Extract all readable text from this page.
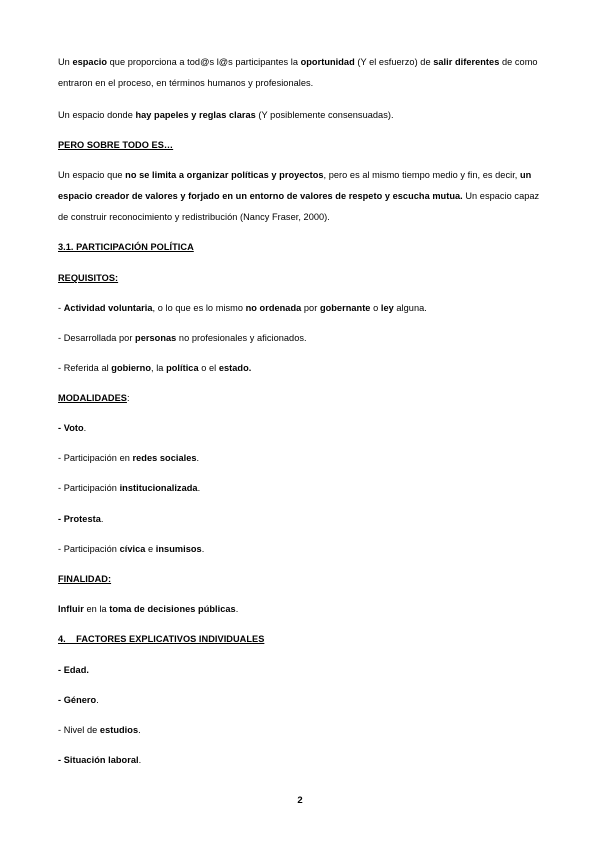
Un espacio que proporciona a tod@s l@s participantes la oportunidad (Y el esfuerzo) de salir diferentes de como entraron en el proceso, en términos humanos y profesionales.
Un espacio donde hay papeles y reglas claras (Y posiblemente consensuadas).
PERO SOBRE TODO ES…
Un espacio que no se limita a organizar políticas y proyectos, pero es al mismo tiempo medio y fin, es decir, un espacio creador de valores y forjado en un entorno de valores de respeto y escucha mutua. Un espacio capaz de construir reconocimiento y redistribución (Nancy Fraser, 2000).
3.1. PARTICIPACIÓN POLÍTICA
REQUISITOS:
- Actividad voluntaria, o lo que es lo mismo no ordenada por gobernante o ley alguna.
- Desarrollada por personas no profesionales y aficionados.
- Referida al gobierno, la política o el estado.
MODALIDADES:
- Voto.
- Participación en redes sociales.
- Participación institucionalizada.
- Protesta.
- Participación cívica e insumisos.
FINALIDAD:
Influir en la toma de decisiones públicas.
4.    FACTORES EXPLICATIVOS INDIVIDUALES
- Edad.
- Género.
- Nivel de estudios.
- Situación laboral.
2
